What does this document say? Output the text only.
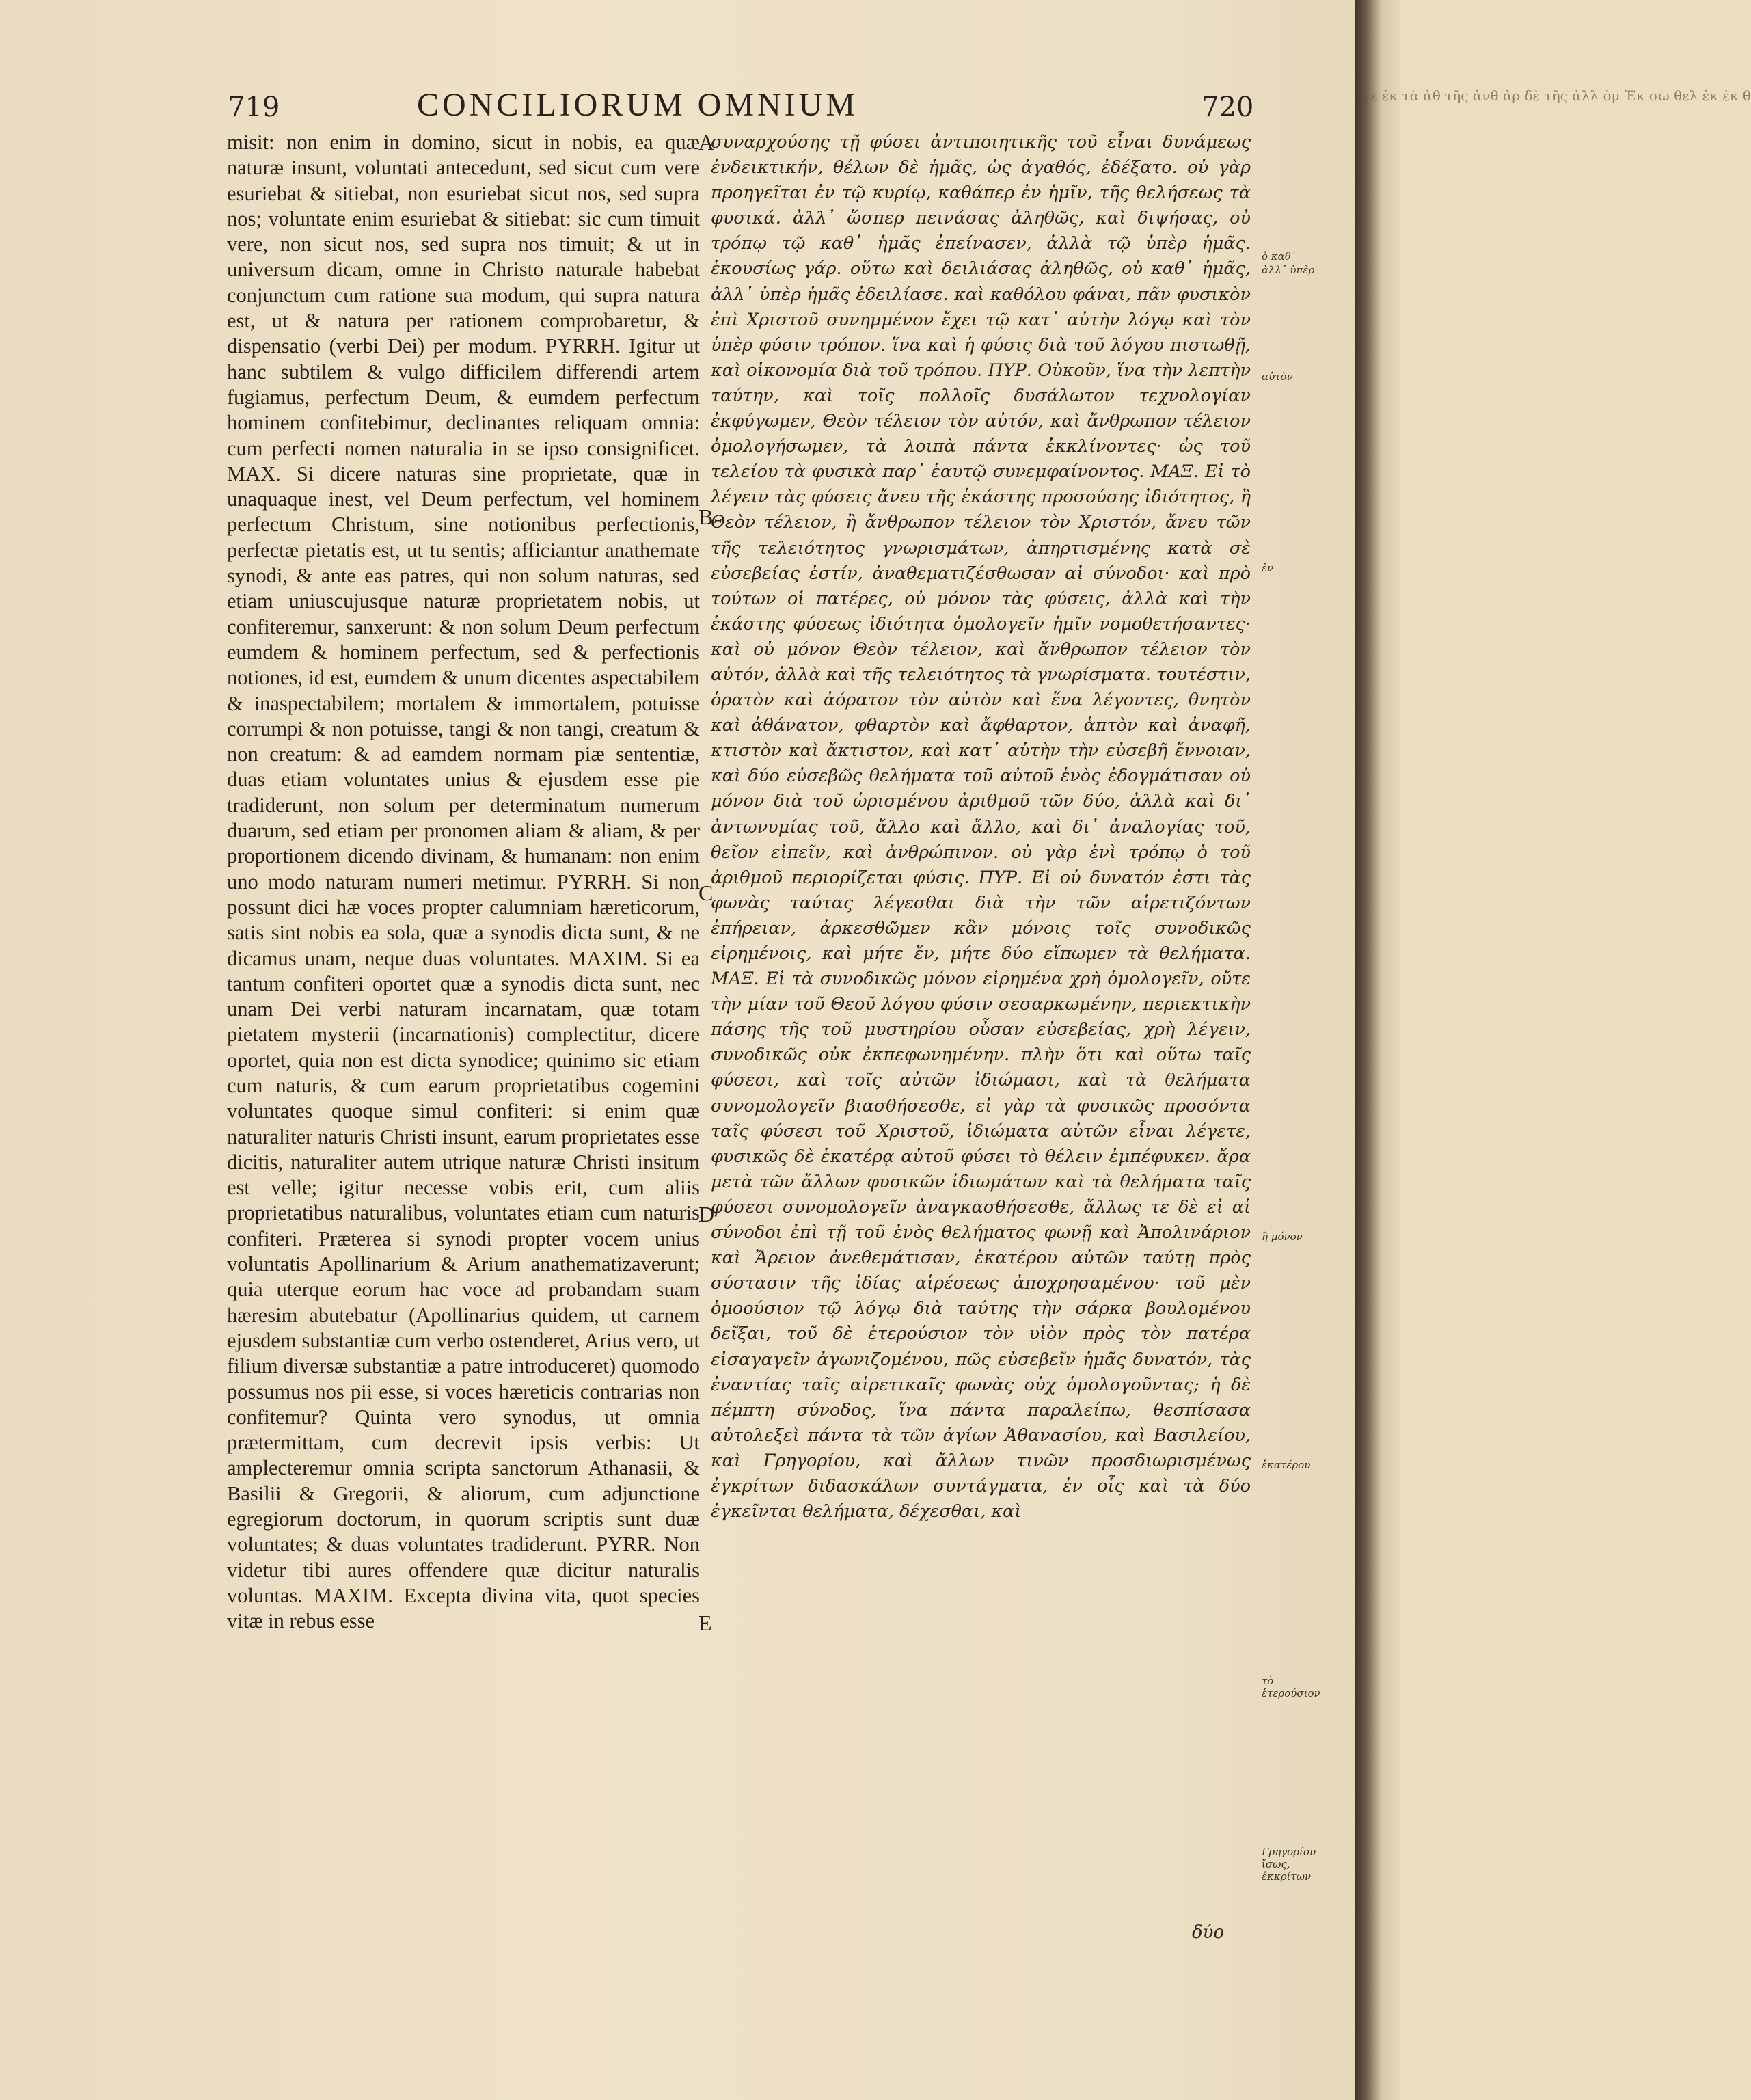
τε ἐκ τὰ ἀθ τῆς ἀνθ ἀρ δὲ τῆς ἀλλ ὁμ Ἐκ σω θελ ἐκ ἐκ θ
719	CONCILIORUM OMNIUM	720

misit: non enim in domino, sicut in nobis, ea quæ naturæ insunt, voluntati antecedunt, sed sicut cum vere esuriebat & sitiebat, non esuriebat sicut nos, sed supra nos; voluntate enim esuriebat & sitiebat: sic cum timuit vere, non sicut nos, sed supra nos timuit; & ut in universum dicam, omne in Christo naturale habebat conjunctum cum ratione sua modum, qui supra natura est, ut & natura per rationem comprobaretur, & dispensatio (verbi Dei) per modum. PYRRH. Igitur ut hanc subtilem & vulgo difficilem differendi artem fugiamus, perfectum Deum, & eumdem perfectum hominem confitebimur, declinantes reliquam omnia: cum perfecti nomen naturalia in se ipso consignificet. MAX. Si dicere naturas sine proprietate, quæ in unaquaque inest, vel Deum perfectum, vel hominem perfectum Christum, sine notionibus perfectionis, perfectæ pietatis est, ut tu sentis; afficiantur anathemate synodi, & ante eas patres, qui non solum naturas, sed etiam uniuscujusque naturæ proprietatem nobis, ut confiteremur, sanxerunt: & non solum Deum perfectum eumdem & hominem perfectum, sed & perfectionis notiones, id est, eumdem & unum dicentes aspectabilem & inaspectabilem; mortalem & immortalem, potuisse corrumpi & non potuisse, tangi & non tangi, creatum & non creatum: & ad eamdem normam piæ sententiæ, duas etiam voluntates unius & ejusdem esse pie tradiderunt, non solum per determinatum numerum duarum, sed etiam per pronomen aliam & aliam, & per proportionem dicendo divinam, & humanam: non enim uno modo naturam numeri metimur. PYRRH. Si non possunt dici hæ voces propter calumniam hæreticorum, satis sint nobis ea sola, quæ a synodis dicta sunt, & ne dicamus unam, neque duas voluntates. MAXIM. Si ea tantum confiteri oportet quæ a synodis dicta sunt, nec unam Dei verbi naturam incarnatam, quæ totam pietatem mysterii (incarnationis) complectitur, dicere oportet, quia non est dicta synodice; quinimo sic etiam cum naturis, & cum earum proprietatibus cogemini voluntates quoque simul confiteri: si enim quæ naturaliter naturis Christi insunt, earum proprietates esse dicitis, naturaliter autem utrique naturæ Christi insitum est velle; igitur necesse vobis erit, cum aliis proprietatibus naturalibus, voluntates etiam cum naturis confiteri. Præterea si synodi propter vocem unius voluntatis Apollinarium & Arium anathematizaverunt; quia uterque eorum hac voce ad probandam suam hæresim abutebatur (Apollinarius quidem, ut carnem ejusdem substantiæ cum verbo ostenderet, Arius vero, ut filium diversæ substantiæ a patre introduceret) quomodo possumus nos pii esse, si voces hæreticis contrarias non confitemur? Quinta vero synodus, ut omnia prætermittam, cum decrevit ipsis verbis: Ut amplecteremur omnia scripta sanctorum Athanasii, & Basilii & Gregorii, & aliorum, cum adjunctione egregiorum doctorum, in quorum scriptis sunt duæ voluntates; & duas voluntates tradiderunt. PYRR. Non videtur tibi aures offendere quæ dicitur naturalis voluntas. MAXIM. Excepta divina vita, quot species vitæ in rebus esse

συναρχούσης τῇ φύσει ἀντιποιητικῆς τοῦ εἶναι δυνάμεως ἐνδεικτικήν, θέλων δὲ ἡμᾶς, ὡς ἀγαθός, ἐδέξατο. οὐ γὰρ προηγεῖται ἐν τῷ κυρίῳ, καθάπερ ἐν ἡμῖν, τῆς θελήσεως τὰ φυσικά. ἀλλ᾽ ὥσπερ πεινάσας ἀληθῶς, καὶ διψήσας, οὐ τρόπῳ τῷ καθ᾽ ἡμᾶς ἐπείνασεν, ἀλλὰ τῷ ὑπὲρ ἡμᾶς. ἑκουσίως γάρ. οὕτω καὶ δειλιάσας ἀληθῶς, οὐ καθ᾽ ἡμᾶς, ἀλλ᾽ ὑπὲρ ἡμᾶς ἐδειλίασε. καὶ καθόλου φάναι, πᾶν φυσικὸν ἐπὶ Χριστοῦ συνημμένον ἔχει τῷ κατ᾽ αὐτὴν λόγῳ καὶ τὸν ὑπὲρ φύσιν τρόπον. ἵνα καὶ ἡ φύσις διὰ τοῦ λόγου πιστωθῇ, καὶ οἰκονομία διὰ τοῦ τρόπου. ΠΥΡ. Οὐκοῦν, ἵνα τὴν λεπτὴν ταύτην, καὶ τοῖς πολλοῖς δυσάλωτον τεχνολογίαν ἐκφύγωμεν, Θεὸν τέλειον τὸν αὐτόν, καὶ ἄνθρωπον τέλειον ὁμολογήσωμεν, τὰ λοιπὰ πάντα ἐκκλίνοντες· ὡς τοῦ τελείου τὰ φυσικὰ παρ᾽ ἑαυτῷ συνεμφαίνοντος. ΜΑΞ. Εἰ τὸ λέγειν τὰς φύσεις ἄνευ τῆς ἑκάστης προσούσης ἰδιότητος, ἢ Θεὸν τέλειον, ἢ ἄνθρωπον τέλειον τὸν Χριστόν, ἄνευ τῶν τῆς τελειότητος γνωρισμάτων, ἀπηρτισμένης κατὰ σὲ εὐσεβείας ἐστίν, ἀναθεματιζέσθωσαν αἱ σύνοδοι· καὶ πρὸ τούτων οἱ πατέρες, οὐ μόνον τὰς φύσεις, ἀλλὰ καὶ τὴν ἑκάστης φύσεως ἰδιότητα ὁμολογεῖν ἡμῖν νομοθετήσαντες· καὶ οὐ μόνον Θεὸν τέλειον, καὶ ἄνθρωπον τέλειον τὸν αὐτόν, ἀλλὰ καὶ τῆς τελειότητος τὰ γνωρίσματα. τουτέστιν, ὁρατὸν καὶ ἀόρατον τὸν αὐτὸν καὶ ἕνα λέγοντες, θνητὸν καὶ ἀθάνατον, φθαρτὸν καὶ ἄφθαρτον, ἁπτὸν καὶ ἀναφῆ, κτιστὸν καὶ ἄκτιστον, καὶ κατ᾽ αὐτὴν τὴν εὐσεβῆ ἔννοιαν, καὶ δύο εὐσεβῶς θελήματα τοῦ αὐτοῦ ἑνὸς ἐδογμάτισαν οὐ μόνον διὰ τοῦ ὡρισμένου ἀριθμοῦ τῶν δύο, ἀλλὰ καὶ δι᾽ ἀντωνυμίας τοῦ, ἄλλο καὶ ἄλλο, καὶ δι᾽ ἀναλογίας τοῦ, θεῖον εἰπεῖν, καὶ ἀνθρώπινον. οὐ γὰρ ἐνὶ τρόπῳ ὁ τοῦ ἀριθμοῦ περιορίζεται φύσις. ΠΥΡ. Εἰ οὐ δυνατόν ἐστι τὰς φωνὰς ταύτας λέγεσθαι διὰ τὴν τῶν αἱρετιζόντων ἐπήρειαν, ἀρκεσθῶμεν κἂν μόνοις τοῖς συνοδικῶς εἰρημένοις, καὶ μήτε ἕν, μήτε δύο εἴπωμεν τὰ θελήματα. ΜΑΞ. Εἰ τὰ συνοδικῶς μόνον εἰρημένα χρὴ ὁμολογεῖν, οὔτε τὴν μίαν τοῦ Θεοῦ λόγου φύσιν σεσαρκωμένην, περιεκτικὴν πάσης τῆς τοῦ μυστηρίου οὖσαν εὐσεβείας, χρὴ λέγειν, συνοδικῶς οὐκ ἐκπεφωνημένην. πλὴν ὅτι καὶ οὕτω ταῖς φύσεσι, καὶ τοῖς αὐτῶν ἰδιώμασι, καὶ τὰ θελήματα συνομολογεῖν βιασθήσεσθε, εἰ γὰρ τὰ φυσικῶς προσόντα ταῖς φύσεσι τοῦ Χριστοῦ, ἰδιώματα αὐτῶν εἶναι λέγετε, φυσικῶς δὲ ἑκατέρᾳ αὐτοῦ φύσει τὸ θέλειν ἐμπέφυκεν. ἄρα μετὰ τῶν ἄλλων φυσικῶν ἰδιωμάτων καὶ τὰ θελήματα ταῖς φύσεσι συνομολογεῖν ἀναγκασθήσεσθε, ἄλλως τε δὲ εἰ αἱ σύνοδοι ἐπὶ τῇ τοῦ ἑνὸς θελήματος φωνῇ καὶ Ἀπολινάριον καὶ Ἄρειον ἀνεθεμάτισαν, ἑκατέρου αὐτῶν ταύτῃ πρὸς σύστασιν τῆς ἰδίας αἱρέσεως ἀποχρησαμένου· τοῦ μὲν ὁμοούσιον τῷ λόγῳ διὰ ταύτης τὴν σάρκα βουλομένου δεῖξαι, τοῦ δὲ ἑτερούσιον τὸν υἱὸν πρὸς τὸν πατέρα εἰσαγαγεῖν ἀγωνιζομένου, πῶς εὐσεβεῖν ἡμᾶς δυνατόν, τὰς ἐναντίας ταῖς αἱρετικαῖς φωνὰς οὐχ ὁμολογοῦντας; ἡ δὲ πέμπτη σύνοδος, ἵνα πάντα παραλείπω, θεσπίσασα αὐτολεξεὶ πάντα τὰ τῶν ἁγίων Ἀθανασίου, καὶ Βασιλείου, καὶ Γρηγορίου, καὶ ἄλλων τινῶν προσδιωρισμένως ἐγκρίτων διδασκάλων συντάγματα, ἐν οἷς καὶ τὰ δύο ἐγκεῖνται θελήματα, δέχεσθαι, καὶ

δύο
A
B
C
D
E
ὁ καθ᾽
ἀλλ᾽ ὑπὲρ
αὐτὸν
ἐν
ἢ μόνον
ἑκατέρου
τὸ ἑτερούσιον
Γρηγορίου ἴσως, ἐκκρίτων
